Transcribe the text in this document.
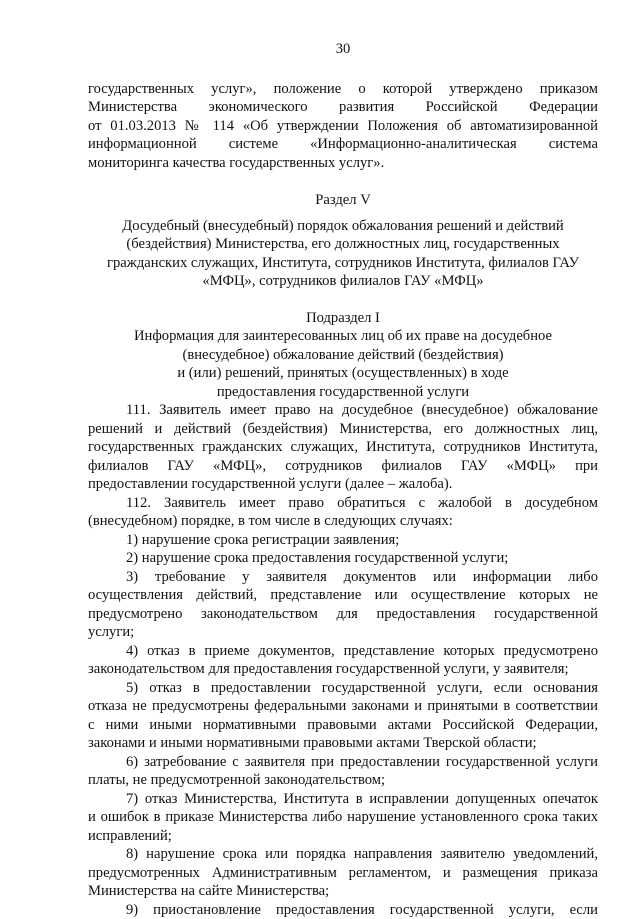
30
государственных услуг», положение о которой утверждено приказом
Министерства экономического развития Российской Федерации
от 01.03.2013 № 114 «Об утверждении Положения об автоматизированной
информационной системе «Информационно-аналитическая система
мониторинга качества государственных услуг».
Раздел V
Досудебный (внесудебный) порядок обжалования решений и действий
(бездействия) Министерства, его должностных лиц, государственных
гражданских служащих, Института, сотрудников Института, филиалов ГАУ
«МФЦ», сотрудников филиалов ГАУ «МФЦ»
Подраздел I
Информация для заинтересованных лиц об их праве на досудебное
(внесудебное) обжалование действий (бездействия)
и (или) решений, принятых (осуществленных) в ходе
предоставления государственной услуги
111. Заявитель имеет право на досудебное (внесудебное) обжалование
решений и действий (бездействия) Министерства, его должностных лиц,
государственных гражданских служащих, Института, сотрудников Института,
филиалов ГАУ «МФЦ», сотрудников филиалов ГАУ «МФЦ» при
предоставлении государственной услуги (далее – жалоба).
112. Заявитель имеет право обратиться с жалобой в досудебном
(внесудебном) порядке, в том числе в следующих случаях:
1) нарушение срока регистрации заявления;
2) нарушение срока предоставления государственной услуги;
3) требование у заявителя документов или информации либо
осуществления действий, представление или осуществление которых не
предусмотрено законодательством для предоставления государственной
услуги;
4) отказ в приеме документов, представление которых предусмотрено
законодательством для предоставления государственной услуги, у заявителя;
5) отказ в предоставлении государственной услуги, если основания
отказа не предусмотрены федеральными законами и принятыми в соответствии
с ними иными нормативными правовыми актами Российской Федерации,
законами и иными нормативными правовыми актами Тверской области;
6) затребование с заявителя при предоставлении государственной услуги
платы, не предусмотренной законодательством;
7) отказ Министерства, Института в исправлении допущенных опечаток
и ошибок в приказе Министерства либо нарушение установленного срока таких
исправлений;
8) нарушение срока или порядка направления заявителю уведомлений,
предусмотренных Административным регламентом, и размещения приказа
Министерства на сайте Министерства;
9) приостановление предоставления государственной услуги, если
